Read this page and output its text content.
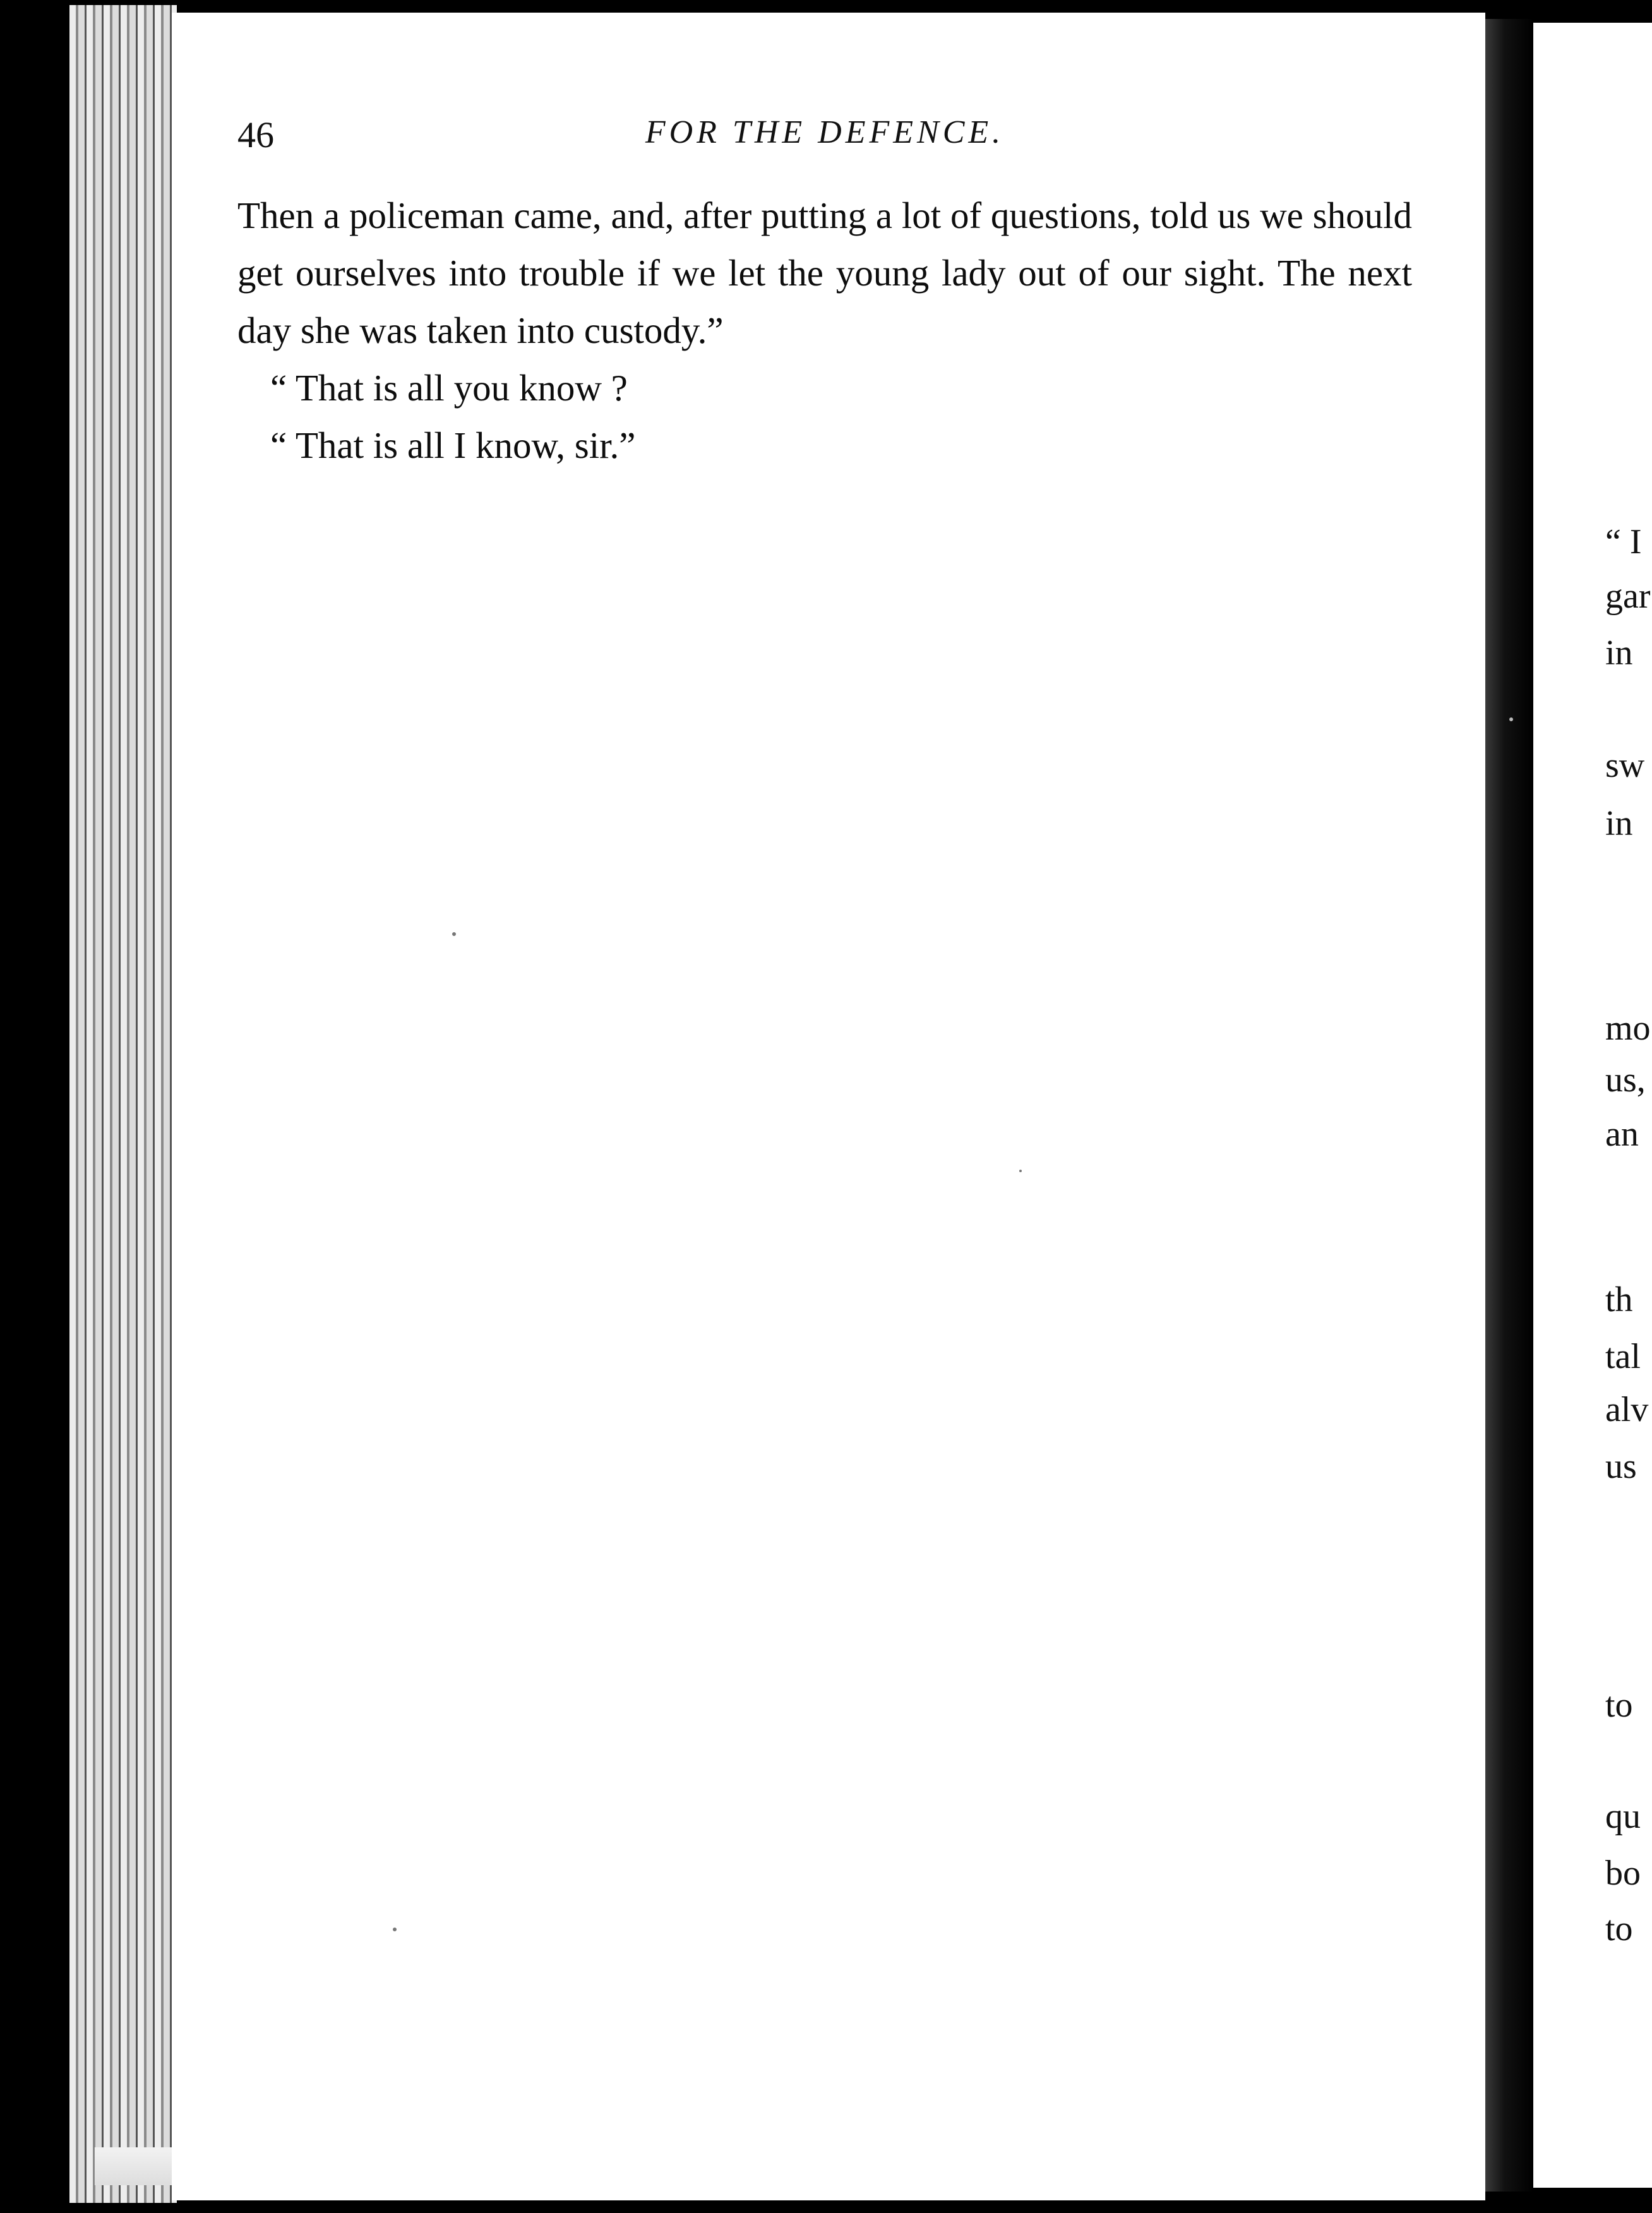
46	FOR THE DEFENCE.

Then a policeman came, and, after putting a lot of questions, told us we should get ourselves into trouble if we let the young lady out of our sight. The next day she was taken into custody.”

“ That is all you know ?

“ That is all I know, sir.”

“ I
gar
in
sw
in
mo
us,
an
th
tal
alv
us
to
qu
bo
to
